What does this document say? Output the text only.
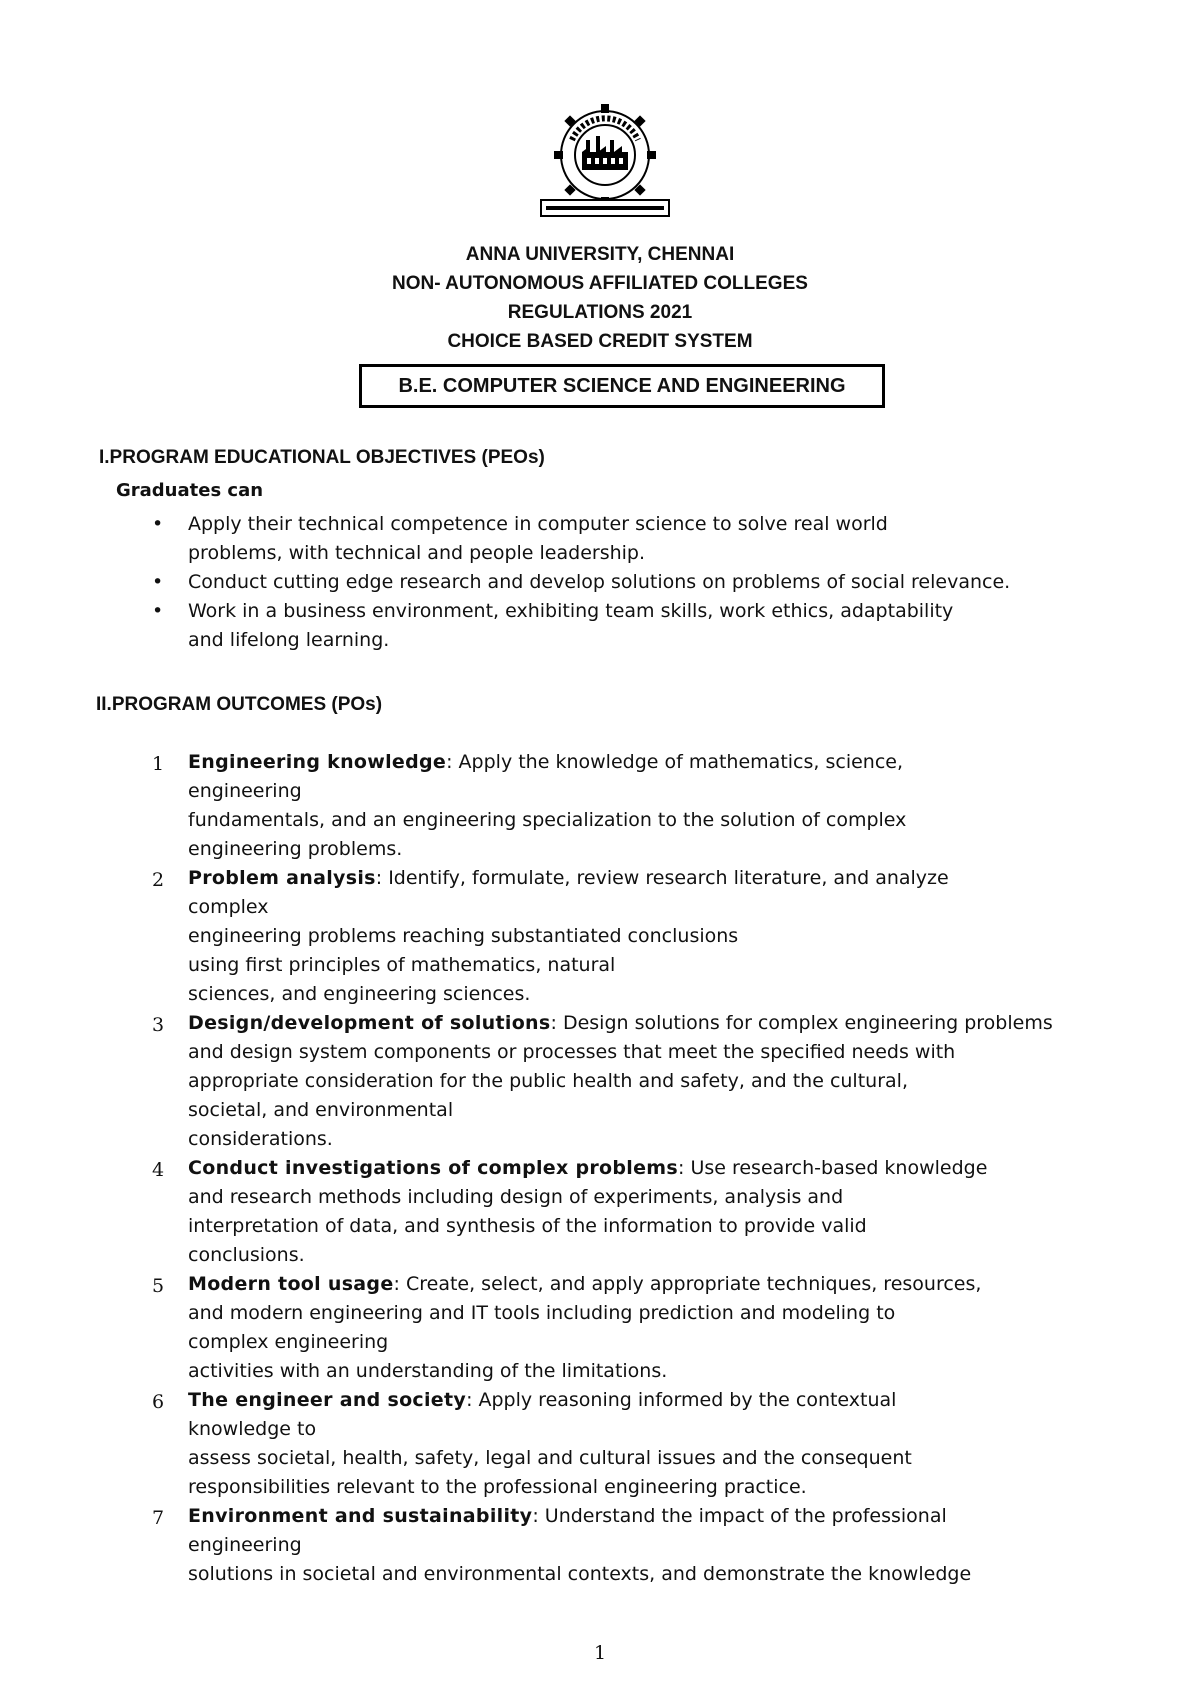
ANNA UNIVERSITY, CHENNAI
NON- AUTONOMOUS AFFILIATED COLLEGES
REGULATIONS 2021
CHOICE BASED CREDIT SYSTEM
B.E. COMPUTER SCIENCE AND ENGINEERING
I.PROGRAM EDUCATIONAL OBJECTIVES (PEOs)
Graduates can
• Apply their technical competence in computer science to solve real world
problems, with technical and people leadership.
• Conduct cutting edge research and develop solutions on problems of social relevance.
• Work in a business environment, exhibiting team skills, work ethics, adaptability
and lifelong learning.
II.PROGRAM OUTCOMES (POs)
1 Engineering knowledge: Apply the knowledge of mathematics, science,
engineering
fundamentals, and an engineering specialization to the solution of complex
engineering problems.
2 Problem analysis: Identify, formulate, review research literature, and analyze
complex
engineering problems reaching substantiated conclusions
using first principles of mathematics, natural
sciences, and engineering sciences.
3 Design/development of solutions: Design solutions for complex engineering problems
and design system components or processes that meet the specified needs with
appropriate consideration for the public health and safety, and the cultural,
societal, and environmental
considerations.
4 Conduct investigations of complex problems: Use research-based knowledge
and research methods including design of experiments, analysis and
interpretation of data, and synthesis of the information to provide valid
conclusions.
5 Modern tool usage: Create, select, and apply appropriate techniques, resources,
and modern engineering and IT tools including prediction and modeling to
complex engineering
activities with an understanding of the limitations.
6 The engineer and society: Apply reasoning informed by the contextual
knowledge to
assess societal, health, safety, legal and cultural issues and the consequent
responsibilities relevant to the professional engineering practice.
7 Environment and sustainability: Understand the impact of the professional
engineering
solutions in societal and environmental contexts, and demonstrate the knowledge
1
